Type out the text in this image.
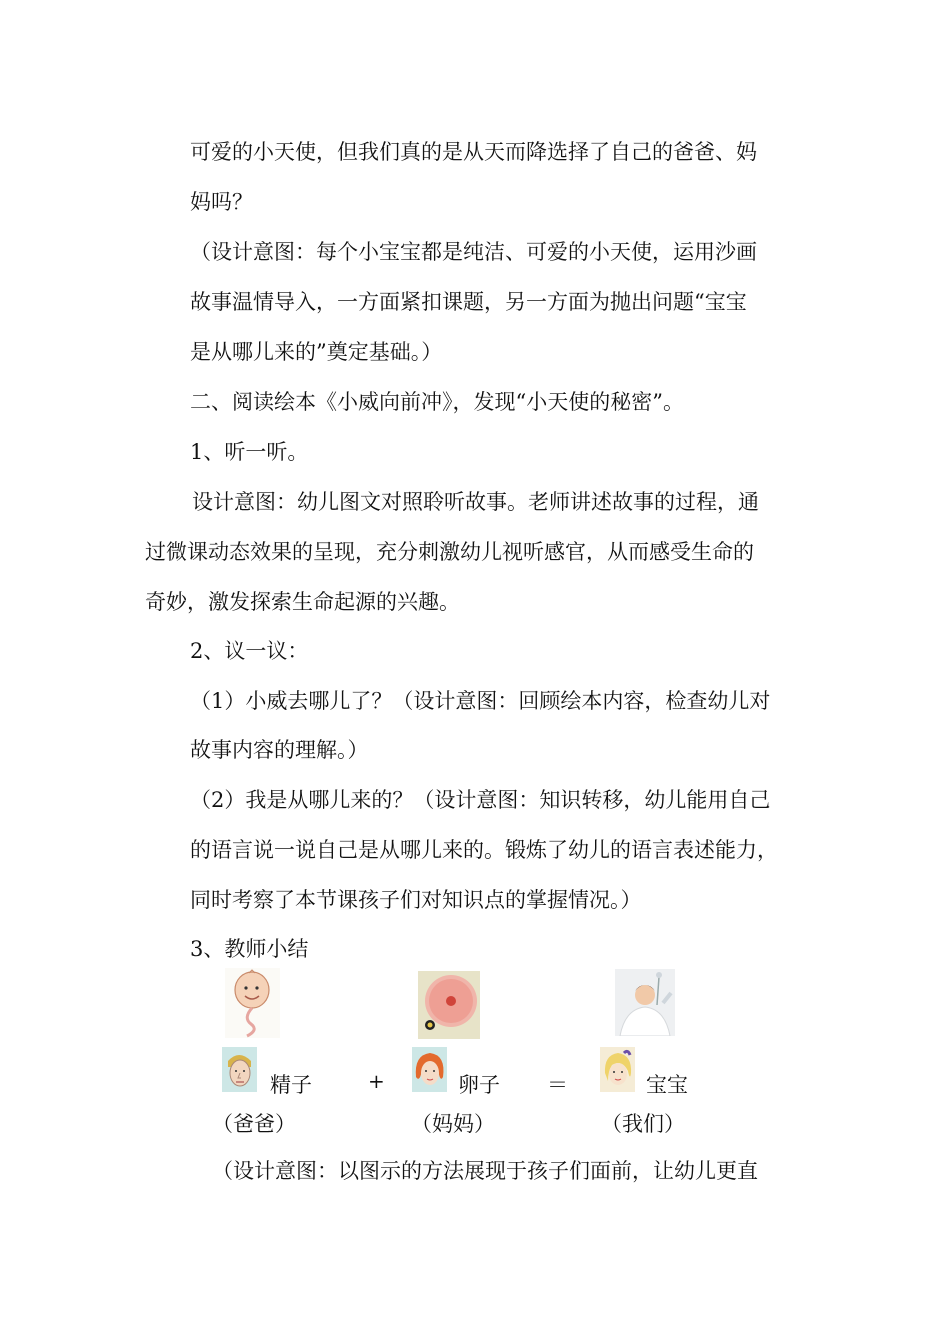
可爱的小天使，但我们真的是从天而降选择了自己的爸爸、妈
妈吗？
（设计意图：每个小宝宝都是纯洁、可爱的小天使，运用沙画
故事温情导入，一方面紧扣课题，另一方面为抛出问题“宝宝
是从哪儿来的”奠定基础。）
二、阅读绘本《小威向前冲》，发现“小天使的秘密”。
1、听一听。
设计意图：幼儿图文对照聆听故事。老师讲述故事的过程，通
过微课动态效果的呈现，充分刺激幼儿视听感官，从而感受生命的
奇妙，激发探索生命起源的兴趣。
2、议一议：
（1）小威去哪儿了？（设计意图：回顾绘本内容，检查幼儿对
故事内容的理解。）
（2）我是从哪儿来的？（设计意图：知识转移，幼儿能用自己
的语言说一说自己是从哪儿来的。锻炼了幼儿的语言表述能力，
同时考察了本节课孩子们对知识点的掌握情况。）
3、教师小结
精子	+	卵子 ＝	宝宝
（爸爸）	（妈妈）	（我们）
（设计意图：以图示的方法展现于孩子们面前，让幼儿更直
